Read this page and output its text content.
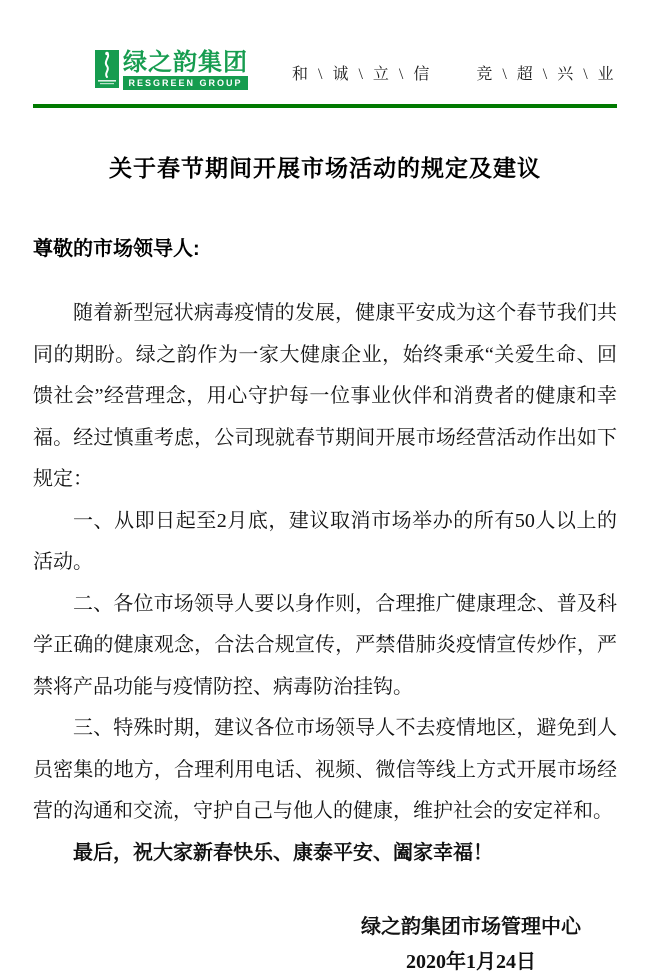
绿之韵集团
RESGREEN GROUP
和 \ 诚 \ 立 \ 信	竞 \ 超 \ 兴 \ 业
关于春节期间开展市场活动的规定及建议
尊敬的市场领导人:

随着新型冠状病毒疫情的发展，健康平安成为这个春节我们共同的期盼。绿之韵作为一家大健康企业，始终秉承“关爱生命、回馈社会”经营理念，用心守护每一位事业伙伴和消费者的健康和幸福。经过慎重考虑，公司现就春节期间开展市场经营活动作出如下规定：

一、从即日起至2月底，建议取消市场举办的所有50人以上的活动。

二、各位市场领导人要以身作则，合理推广健康理念、普及科学正确的健康观念，合法合规宣传，严禁借肺炎疫情宣传炒作，严禁将产品功能与疫情防控、病毒防治挂钩。

三、特殊时期，建议各位市场领导人不去疫情地区，避免到人员密集的地方，合理利用电话、视频、微信等线上方式开展市场经营的沟通和交流，守护自己与他人的健康，维护社会的安定祥和。

最后，祝大家新春快乐、康泰平安、阖家幸福！
绿之韵集团市场管理中心
2020年1月24日
